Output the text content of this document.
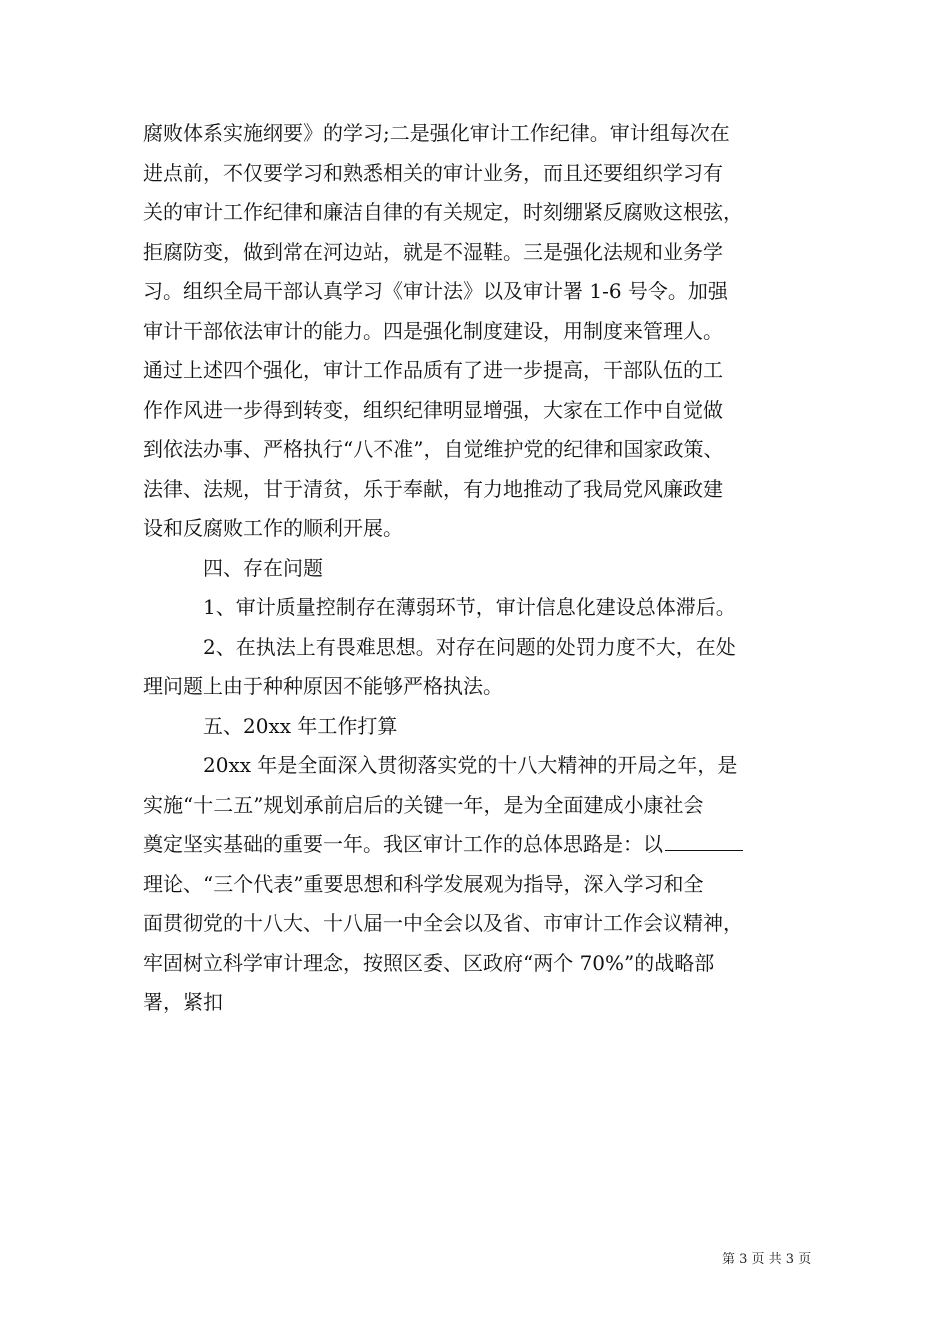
腐败体系实施纲要》的学习;二是强化审计工作纪律。审计组每次在
进点前，不仅要学习和熟悉相关的审计业务，而且还要组织学习有
关的审计工作纪律和廉洁自律的有关规定，时刻绷紧反腐败这根弦，
拒腐防变，做到常在河边站，就是不湿鞋。三是强化法规和业务学
习。组织全局干部认真学习《审计法》以及审计署 1-6 号令。加强
审计干部依法审计的能力。四是强化制度建设，用制度来管理人。
通过上述四个强化，审计工作品质有了进一步提高，干部队伍的工
作作风进一步得到转变，组织纪律明显增强，大家在工作中自觉做
到依法办事、严格执行“八不准”，自觉维护党的纪律和国家政策、
法律、法规，甘于清贫，乐于奉献，有力地推动了我局党风廉政建
设和反腐败工作的顺利开展。
四、存在问题
1、审计质量控制存在薄弱环节，审计信息化建设总体滞后。
2、在执法上有畏难思想。对存在问题的处罚力度不大，在处
理问题上由于种种原因不能够严格执法。
五、20xx 年工作打算
20xx 年是全面深入贯彻落实党的十八大精神的开局之年，是
实施“十二五”规划承前启后的关键一年，是为全面建成小康社会
奠定坚实基础的重要一年。我区审计工作的总体思路是：以
理论、“三个代表”重要思想和科学发展观为指导，深入学习和全
面贯彻党的十八大、十八届一中全会以及省、市审计工作会议精神，
牢固树立科学审计理念，按照区委、区政府“两个 70%”的战略部
署，紧扣
第 3 页 共 3 页
